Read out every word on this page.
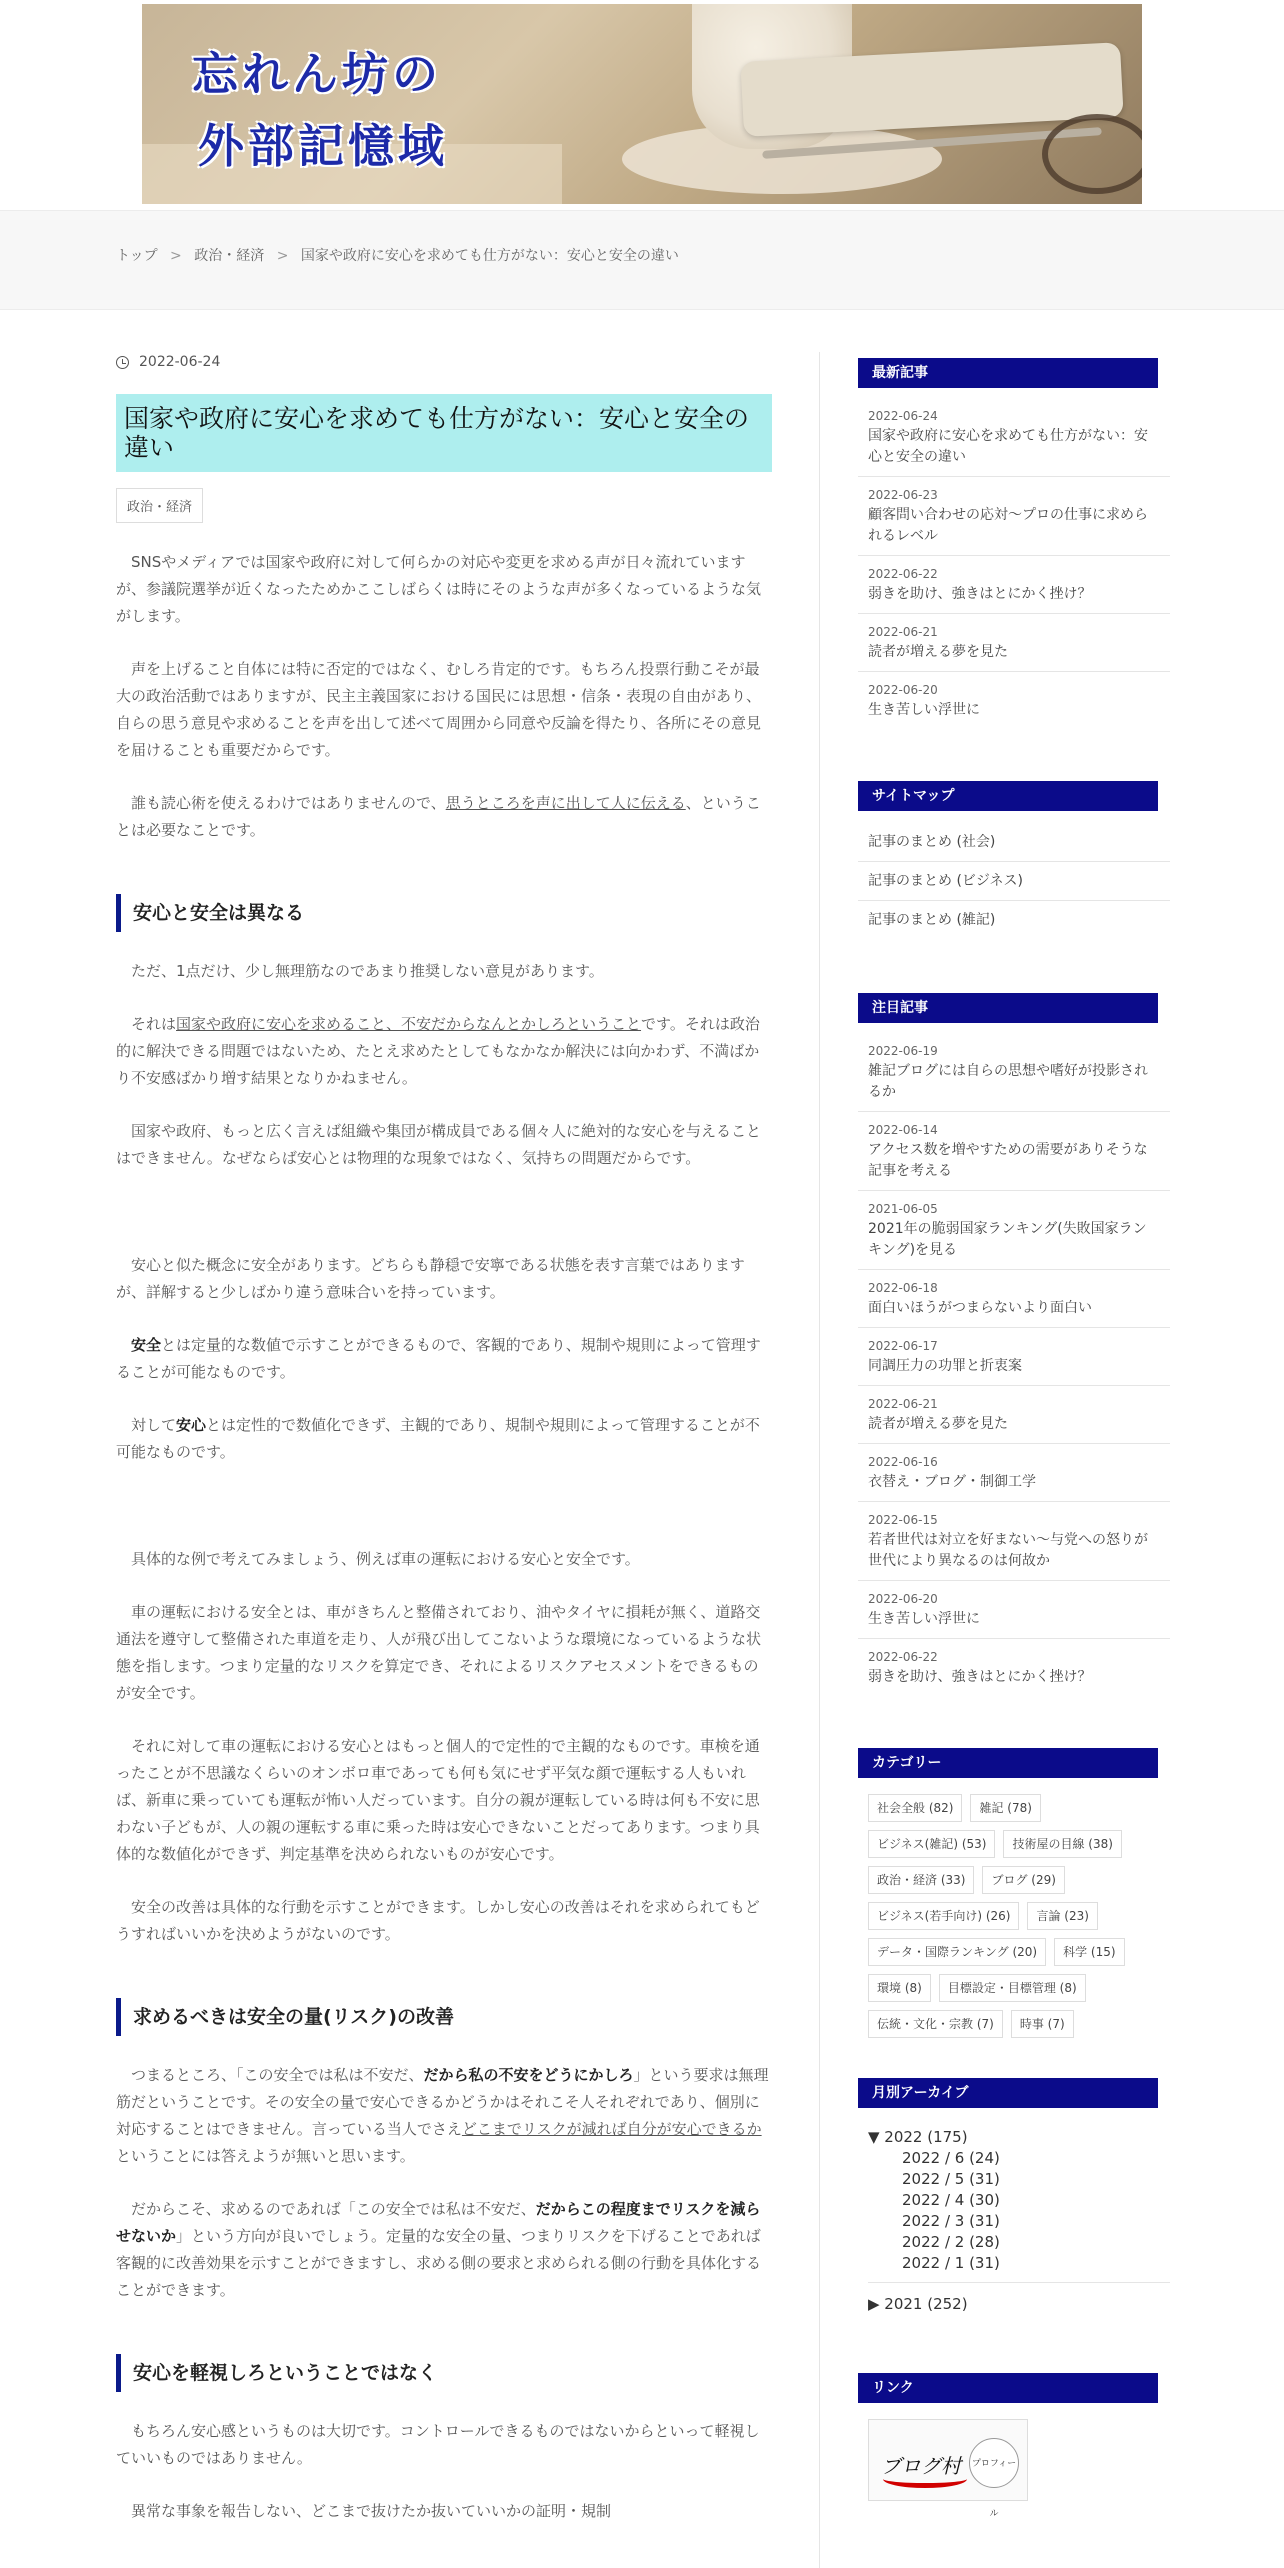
忘れん坊の
外部記憶域
トップ > 政治・経済 > 国家や政府に安心を求めても仕方がない：安心と安全の違い
2022-06-24
国家や政府に安心を求めても仕方がない：安心と安全の違い
政治・経済

SNSやメディアでは国家や政府に対して何らかの対応や変更を求める声が日々流れていますが、参議院選挙が近くなったためかここしばらくは時にそのような声が多くなっているような気がします。

声を上げること自体には特に否定的ではなく、むしろ肯定的です。もちろん投票行動こそが最大の政治活動ではありますが、民主主義国家における国民には思想・信条・表現の自由があり、自らの思う意見や求めることを声を出して述べて周囲から同意や反論を得たり、各所にその意見を届けることも重要だからです。

誰も読心術を使えるわけではありませんので、思うところを声に出して人に伝える、ということは必要なことです。

安心と安全は異なる

ただ、1点だけ、少し無理筋なのであまり推奨しない意見があります。

それは国家や政府に安心を求めること、不安だからなんとかしろということです。それは政治的に解決できる問題ではないため、たとえ求めたとしてもなかなか解決には向かわず、不満ばかり不安感ばかり増す結果となりかねません。

国家や政府、もっと広く言えば組織や集団が構成員である個々人に絶対的な安心を与えることはできません。なぜならば安心とは物理的な現象ではなく、気持ちの問題だからです。

安心と似た概念に安全があります。どちらも静穏で安寧である状態を表す言葉ではありますが、詳解すると少しばかり違う意味合いを持っています。

安全とは定量的な数値で示すことができるもので、客観的であり、規制や規則によって管理することが可能なものです。

対して安心とは定性的で数値化できず、主観的であり、規制や規則によって管理することが不可能なものです。

具体的な例で考えてみましょう、例えば車の運転における安心と安全です。

車の運転における安全とは、車がきちんと整備されており、油やタイヤに損耗が無く、道路交通法を遵守して整備された車道を走り、人が飛び出してこないような環境になっているような状態を指します。つまり定量的なリスクを算定でき、それによるリスクアセスメントをできるものが安全です。

それに対して車の運転における安心とはもっと個人的で定性的で主観的なものです。車検を通ったことが不思議なくらいのオンボロ車であっても何も気にせず平気な顔で運転する人もいれば、新車に乗っていても運転が怖い人だっています。自分の親が運転している時は何も不安に思わない子どもが、人の親の運転する車に乗った時は安心できないことだってあります。つまり具体的な数値化ができず、判定基準を決められないものが安心です。

安全の改善は具体的な行動を示すことができます。しかし安心の改善はそれを求められてもどうすればいいかを決めようがないのです。

求めるべきは安全の量(リスク)の改善

つまるところ、「この安全では私は不安だ、だから私の不安をどうにかしろ」という要求は無理筋だということです。その安全の量で安心できるかどうかはそれこそ人それぞれであり、個別に対応することはできません。言っている当人でさえどこまでリスクが減れば自分が安心できるかということには答えようが無いと思います。

だからこそ、求めるのであれば「この安全では私は不安だ、だからこの程度までリスクを減らせないか」という方向が良いでしょう。定量的な安全の量、つまりリスクを下げることであれば客観的に改善効果を示すことができますし、求める側の要求と求められる側の行動を具体化することができます。

安心を軽視しろということではなく

もちろん安心感というものは大切です。コントロールできるものではないからといって軽視していいものではありません。

異常な事象を報告しない、どこまで抜けたか抜いていいかの証明・規制

最新記事
2022-06-24
国家や政府に安心を求めても仕方がない：安心と安全の違い
2022-06-23
顧客問い合わせの応対～プロの仕事に求められるレベル
2022-06-22
弱きを助け、強きはとにかく挫け？
2022-06-21
読者が増える夢を見た
2022-06-20
生き苦しい浮世に
サイトマップ
記事のまとめ (社会)
記事のまとめ (ビジネス)
記事のまとめ (雑記)
注目記事
2022-06-19
雑記ブログには自らの思想や嗜好が投影されるか
2022-06-14
アクセス数を増やすための需要がありそうな記事を考える
2021-06-05
2021年の脆弱国家ランキング(失敗国家ランキング)を見る
2022-06-18
面白いほうがつまらないより面白い
2022-06-17
同調圧力の功罪と折衷案
2022-06-21
読者が増える夢を見た
2022-06-16
衣替え・ブログ・制御工学
2022-06-15
若者世代は対立を好まない～与党への怒りが世代により異なるのは何故か
2022-06-20
生き苦しい浮世に
2022-06-22
弱きを助け、強きはとにかく挫け？
カテゴリー
社会全般 (82)	雑記 (78)
ビジネス(雑記) (53)	技術屋の目線 (38)
政治・経済 (33)	ブログ (29)
ビジネス(若手向け) (26)	言論 (23)
データ・国際ランキング (20)	科学 (15)
環境 (8)	目標設定・目標管理 (8)
伝統・文化・宗教 (7)	時事 (7)
月別アーカイブ
▼ 2022 (175)
2022 / 6 (24)
2022 / 5 (31)
2022 / 4 (30)
2022 / 3 (31)
2022 / 2 (28)
2022 / 1 (31)
▶ 2021 (252)
リンク
ブログ村	プロフィール
